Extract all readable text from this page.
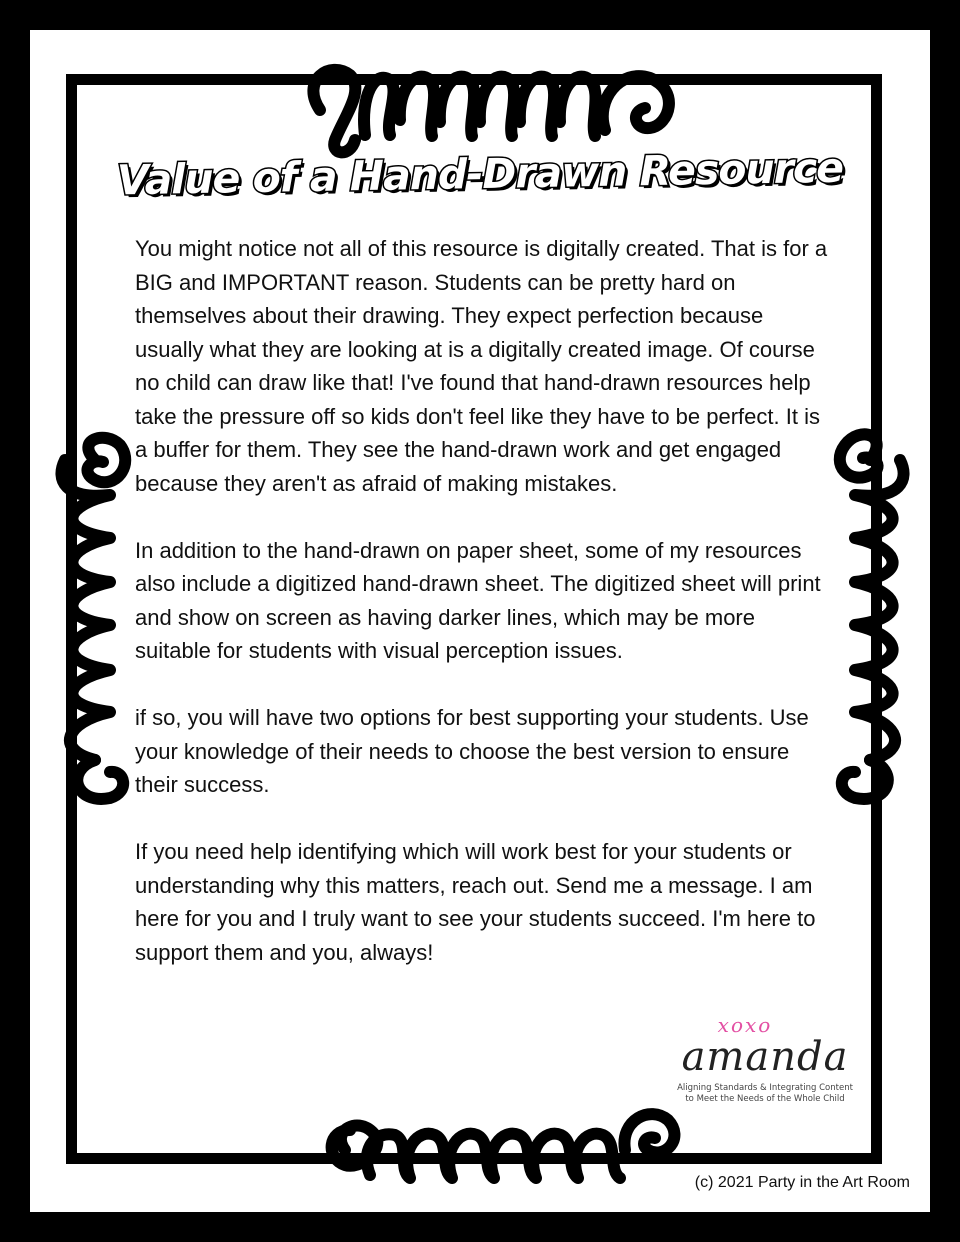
Value of a Hand-Drawn Resource

You might notice not all of this resource is digitally created. That is for a BIG and IMPORTANT reason. Students can be pretty hard on themselves about their drawing. They expect perfection because usually what they are looking at is a digitally created image. Of course no child can draw like that! I've found that hand-drawn resources help take the pressure off so kids don't feel like they have to be perfect. It is a buffer for them. They see the hand-drawn work and get engaged because they aren't as afraid of making mistakes.

In addition to the hand-drawn on paper sheet, some of my resources also include a digitized hand-drawn sheet. The digitized sheet will print and show on screen as having darker lines, which may be more suitable for students with visual perception issues.

if so, you will have two options for best supporting your students. Use your knowledge of their needs to choose the best version to ensure their success.

If you need help identifying which will work best for your students or understanding why this matters, reach out. Send me a message. I am here for you and I truly want to see your students succeed. I'm here to support them and you, always!

xoxo
amanda
Aligning Standards & Integrating Content
to Meet the Needs of the Whole Child
(c) 2021 Party in the Art Room
